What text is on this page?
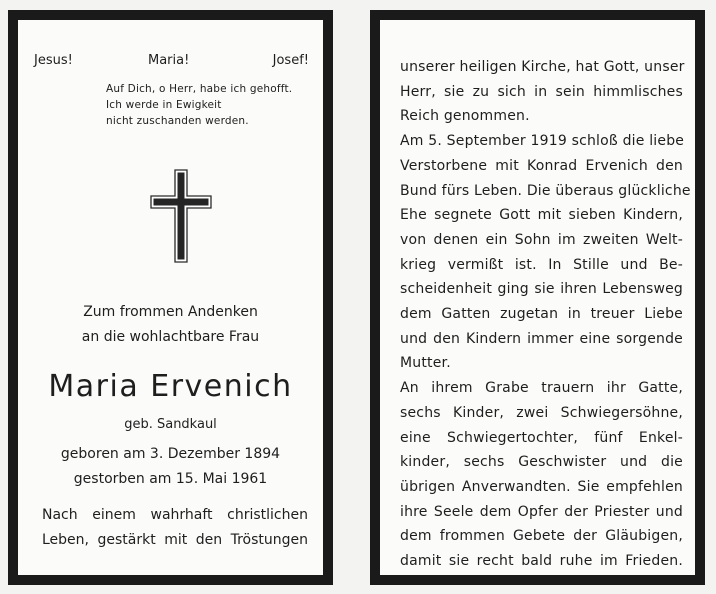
Jesus!	Maria!	Josef!
Auf Dich, o Herr, habe ich gehofft.
Ich werde in Ewigkeit
nicht zuschanden werden.
Zum frommen Andenken
an die wohlachtbare Frau
Maria Ervenich
geb. Sandkaul
geboren am 3. Dezember 1894
gestorben am 15. Mai 1961
Nach einem wahrhaft christlichen
Leben, gestärkt mit den Tröstungen
unserer heiligen Kirche, hat Gott, unser
Herr, sie zu sich in sein himmlisches
Reich genommen.
Am 5. September 1919 schloß die liebe
Verstorbene mit Konrad Ervenich den
Bund fürs Leben. Die überaus glückliche
Ehe segnete Gott mit sieben Kindern,
von denen ein Sohn im zweiten Welt-
krieg vermißt ist. In Stille und Be-
scheidenheit ging sie ihren Lebensweg
dem Gatten zugetan in treuer Liebe
und den Kindern immer eine sorgende
Mutter.
An ihrem Grabe trauern ihr Gatte,
sechs Kinder, zwei Schwiegersöhne,
eine Schwiegertochter, fünf Enkel-
kinder, sechs Geschwister und die
übrigen Anverwandten. Sie empfehlen
ihre Seele dem Opfer der Priester und
dem frommen Gebete der Gläubigen,
damit sie recht bald ruhe im Frieden.
